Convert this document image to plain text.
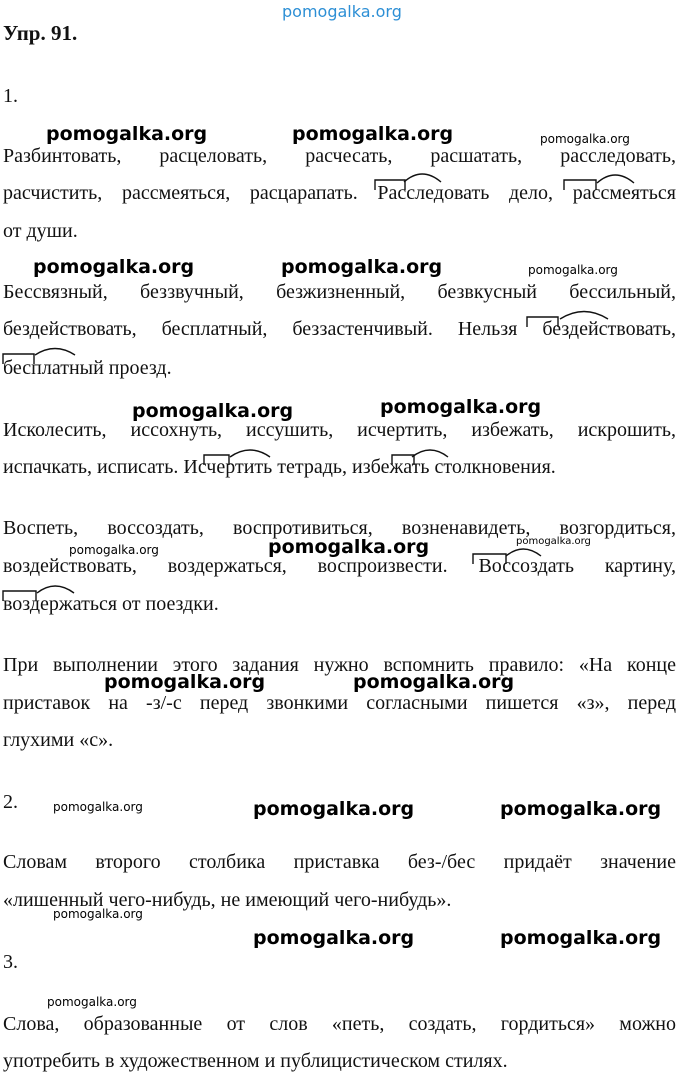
pomogalka.org
Упр. 91.
1.
Разбинтовать, расцеловать, расчесать, расшатать, расследовать,
расчистить, рассмеяться, расцарапать. Расследовать дело, рассмеяться
от души.
Бессвязный, беззвучный, безжизненный, безвкусный бессильный,
бездействовать, бесплатный, беззастенчивый. Нельзя бездействовать,
бесплатный проезд.
Исколесить, иссохнуть, иссушить, исчертить, избежать, искрошить,
испачкать, исписать. Исчертить тетрадь, избежать столкновения.
Воспеть, воссоздать, воспротивиться, возненавидеть, возгордиться,
воздействовать, воздержаться, воспроизвести. Воссоздать картину,
воздержаться от поездки.
При выполнении этого задания нужно вспомнить правило: «На конце
приставок на -з/-с перед звонкими согласными пишется «з», перед
глухими «с».
2.
Словам второго столбика приставка без-/бес придаёт значение
«лишенный чего-нибудь, не имеющий чего-нибудь».
3.
Слова, образованные от слов «петь, создать, гордиться» можно
употребить в художественном и публицистическом стилях.
pomogalka.org	pomogalka.org	pomogalka.org
pomogalka.org	pomogalka.org	pomogalka.org
pomogalka.org	pomogalka.org
pomogalka.org	pomogalka.org	pomogalka.org
pomogalka.org	pomogalka.org
pomogalka.org	pomogalka.org	pomogalka.org
pomogalka.org
pomogalka.org	pomogalka.org
pomogalka.org
